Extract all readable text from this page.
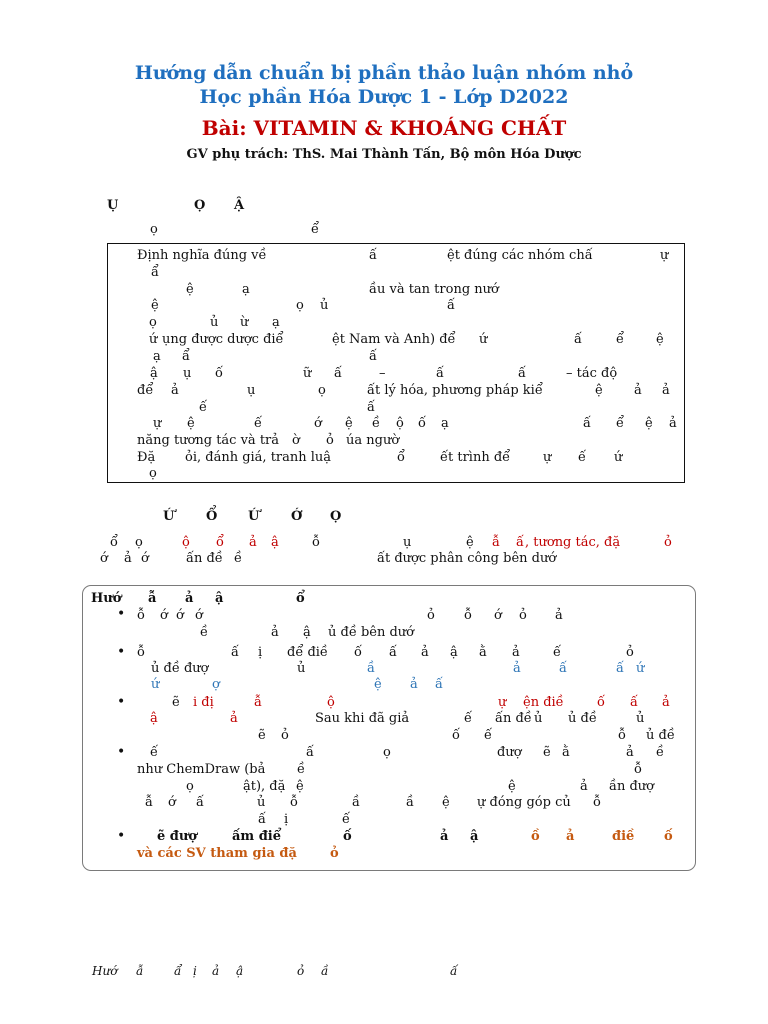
Hướng dẫn chuẩn bị phần thảo luận nhóm nhỏ
Học phần Hóa Dược 1 - Lớp D2022
Bài: VITAMIN & KHOÁNG CHẤT
GV phụ trách: ThS. Mai Thành Tấn, Bộ môn Hóa Dược
Ụ	Ọ Ậ
ọ	ể
Định nghĩa đúng về	ấ	ệt đúng các nhóm chấ	ự
ẩ
ệ	ạ	ầu và tan trong nướ
ệ	ọ ủ	ấ
ọ	ủ ừ ạ
ứ ụng được dược điể	ệt Nam và Anh) để ứ	ấ	ể ệ
ạ ẩ	ấ
ậ ụ ố	ữ ấ	–	ấ	ấ	– tác độ
để ả	ụ	ọ	ất lý hóa, phương pháp kiể	ệ ả ả
ế	ấ
ự ệ	ế	ớ ệ ề ộ ố ạ	ấ ể ệ ả
năng tương tác và trả ờ ỏ úa ngườ
Đặ ỏi, đánh giá, tranh luậ	ổ	ết trình để	ự ế ứ
ọ
Ứ Ổ Ứ Ớ Ọ
ổ ọ	ộ ổ ả ậ	ỗ	ụ	ệ ẫ ấ , tương tác, đặ	ỏ
ớ ả ớ	ấn đề ề	ất được phân công bên dướ
Hướ ẫ ả ậ	ổ
•
•
•
•
•
ỗ ớ ớ ớ	ỏ ỗ ớ ỏ ả
ề	ả ậ ủ đề bên dướ
ỗ	ấ ị để điề ố ấ ả ậ ằ ả	ế	ỏ
ủ đề đượ	ủ	ầ	ả	ấ	ấ ứ
ứ	ợ	ệ ả ấ
ẽ i đị	ẫ	ộ	ự ện điề	ố ấ ả
ậ	ả	Sau khi đã giả	ế ấn đề ủ ủ đề	ủ
ẽ ỏ	ố ế	ỗ ủ đề
ế	ấ	ọ	đượ ẽ ằ	ả ề
như ChemDraw (bả ề	ỗ
ọ	ật), đặ ệ	ệ	ả ần đượ
ẫ ớ ấ	ủ ỗ	ầ	ầ ệ ự đóng góp củ ỗ
ấ ị	ế
ẽ đượ	ấm điể	ố	ả ậ	ồ ả	điề ố
và các SV tham gia đặ	ỏ
Hướ ẫ	ẩ ị ả ậ	ỏ ầ	ấ
